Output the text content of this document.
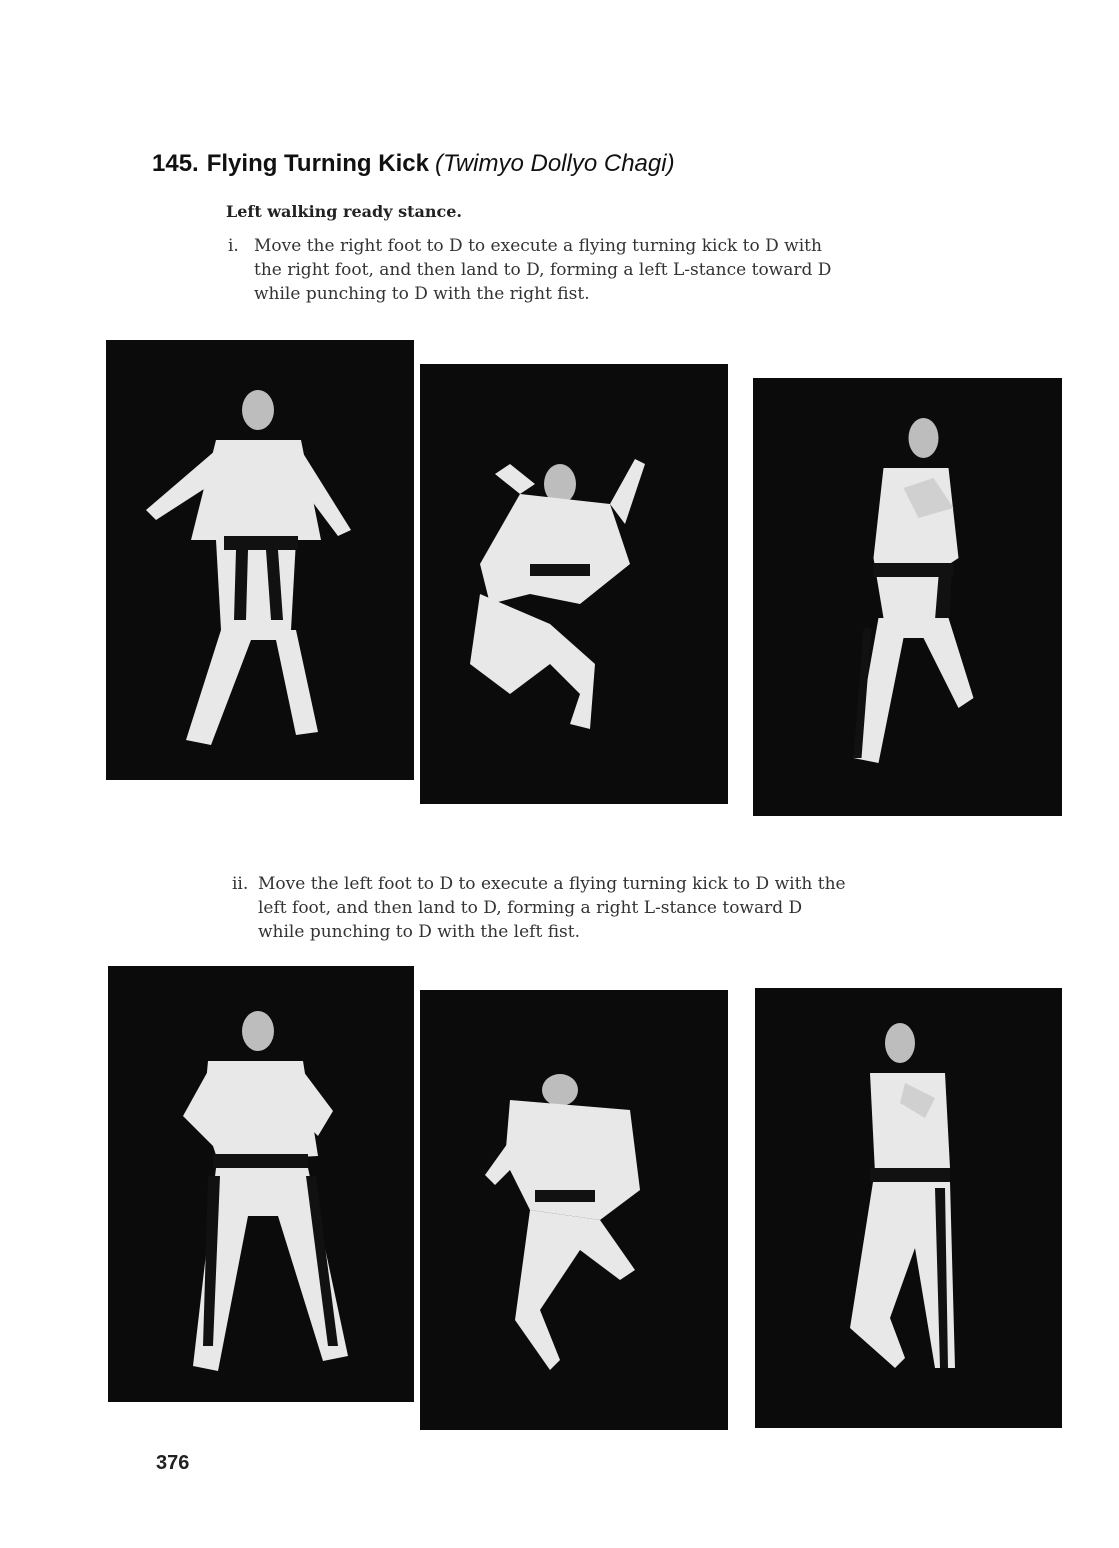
145. Flying Turning Kick (Twimyo Dollyo Chagi)
Left walking ready stance.
i. Move the right foot to D to execute a flying turning kick to D with
the right foot, and then land to D, forming a left L-stance toward D
while punching to D with the right fist.
ii. Move the left foot to D to execute a flying turning kick to D with the
left foot, and then land to D, forming a right L-stance toward D
while punching to D with the left fist.
376
